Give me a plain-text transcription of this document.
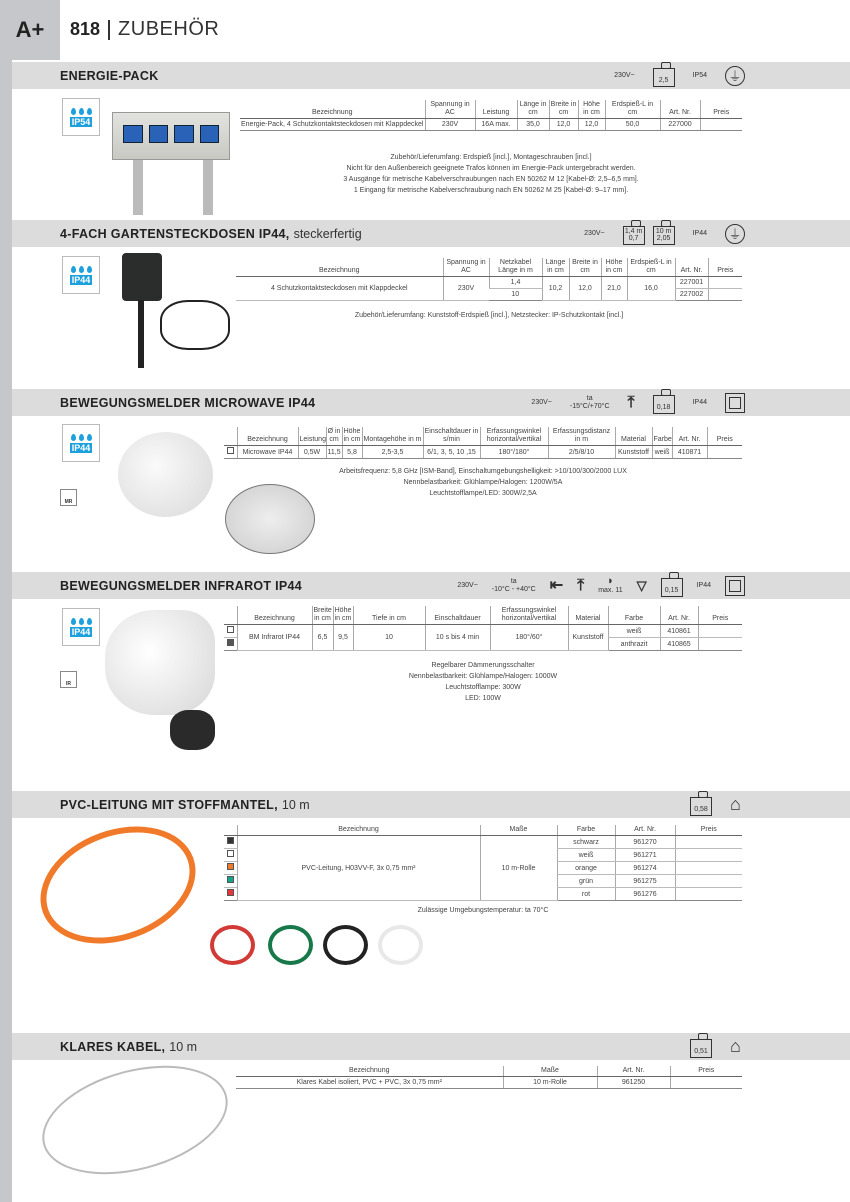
A+	818 ZUBEHÖR
ENERGIE-PACK	230V~
2,5
IP54 ⏚
IP54
Bezeichnung	Spannung in AC	Leistung	Länge in cm	Breite in cm	Höhe in cm	Erdspieß-L in cm	Art. Nr.	Preis
Energie-Pack, 4 Schutzkontaktsteckdosen mit Klappdeckel	230V	16A max.	35,0	12,0	12,0	50,0	227000	
Zubehör/Lieferumfang: Erdspieß [incl.], Montageschrauben [incl.]
Nicht für den Außenbereich geeignete Trafos können im Energie-Pack untergebracht werden.
3 Ausgänge für metrische Kabelverschraubungen nach EN 50262 M 12 [Kabel-Ø: 2,5–6,5 mm].
1 Eingang für metrische Kabelverschraubung nach EN 50262 M 25 [Kabel-Ø: 9–17 mm].
4-FACH GARTENSTECKDOSEN IP44, steckerfertig	230V~	1,4 m 0,7
10 m 2,05
IP44 ⏚
IP44
Bezeichnung	Spannung in AC	Netzkabel Länge in m	Länge in cm	Breite in cm	Höhe in cm	Erdspieß-L in cm	Art. Nr.	Preis
4 Schutzkontaktsteckdosen mit Klappdeckel	230V	1,4	10,2	12,0	21,0	16,0	227001	
		10					227002	
Zubehör/Lieferumfang: Kunststoff-Erdspieß [incl.], Netzstecker: IP-Schutzkontakt [incl.]
BEWEGUNGSMELDER MICROWAVE IP44	230V~
ta
-15°C/+70°C ⤒	0,18
IP44
IP44
MR
	Bezeichnung	Leistung	Ø in cm	Höhe in cm	Montagehöhe in m	Einschaltdauer in s/min	Erfassungswinkel horizontal/vertikal	Erfassungsdistanz in m	Material	Farbe	Art. Nr.	Preis
	Microwave IP44	0,5W	11,5	5,8	2,5-3,5	6/1, 3, 5, 10 ,15	180°/180°	2/5/8/10	Kunststoff	weiß	410871	
Arbeitsfrequenz: 5,8 GHz [ISM-Band], Einschaltumgebungshelligkeit: >10/100/300/2000 LUX
Nennbelastbarkeit: Glühlampe/Halogen: 1200W/5A
Leuchtstofflampe/LED: 300W/2,5A
BEWEGUNGSMELDER INFRAROT IP44	230V~
ta
-10°C - +40°C ⇤ ⤒	◗
max. 11 ▽	0,15
IP44
IP44
IR
	Bezeichnung	Breite in cm	Höhe in cm	Tiefe in cm	Einschaltdauer	Erfassungswinkel horizontal/vertikal	Material	Farbe	Art. Nr.	Preis
	BM Infrarot IP44	6,5	9,5	10	10 s bis 4 min	180°/60°	Kunststoff	weiß	410861	
								anthrazit	410865	
Regelbarer Dämmerungsschalter
Nennbelastbarkeit: Glühlampe/Halogen: 1000W
Leuchtstofflampe: 300W
LED: 100W
PVC-LEITUNG MIT STOFFMANTEL, 10 m	0,58 ⌂
	Bezeichnung	Maße	Farbe	Art. Nr.	Preis
	PVC-Leitung, H03VV-F, 3x 0,75 mm²	10 m-Rolle	schwarz	961270	
			weiß	961271	
			orange	961274	
			grün	961275	
			rot	961276	
Zulässige Umgebungstemperatur: ta 70°C
KLARES KABEL, 10 m	0,51 ⌂
Bezeichnung	Maße	Art. Nr.	Preis
Klares Kabel isoliert, PVC + PVC, 3x 0,75 mm²	10 m-Rolle	961250	
